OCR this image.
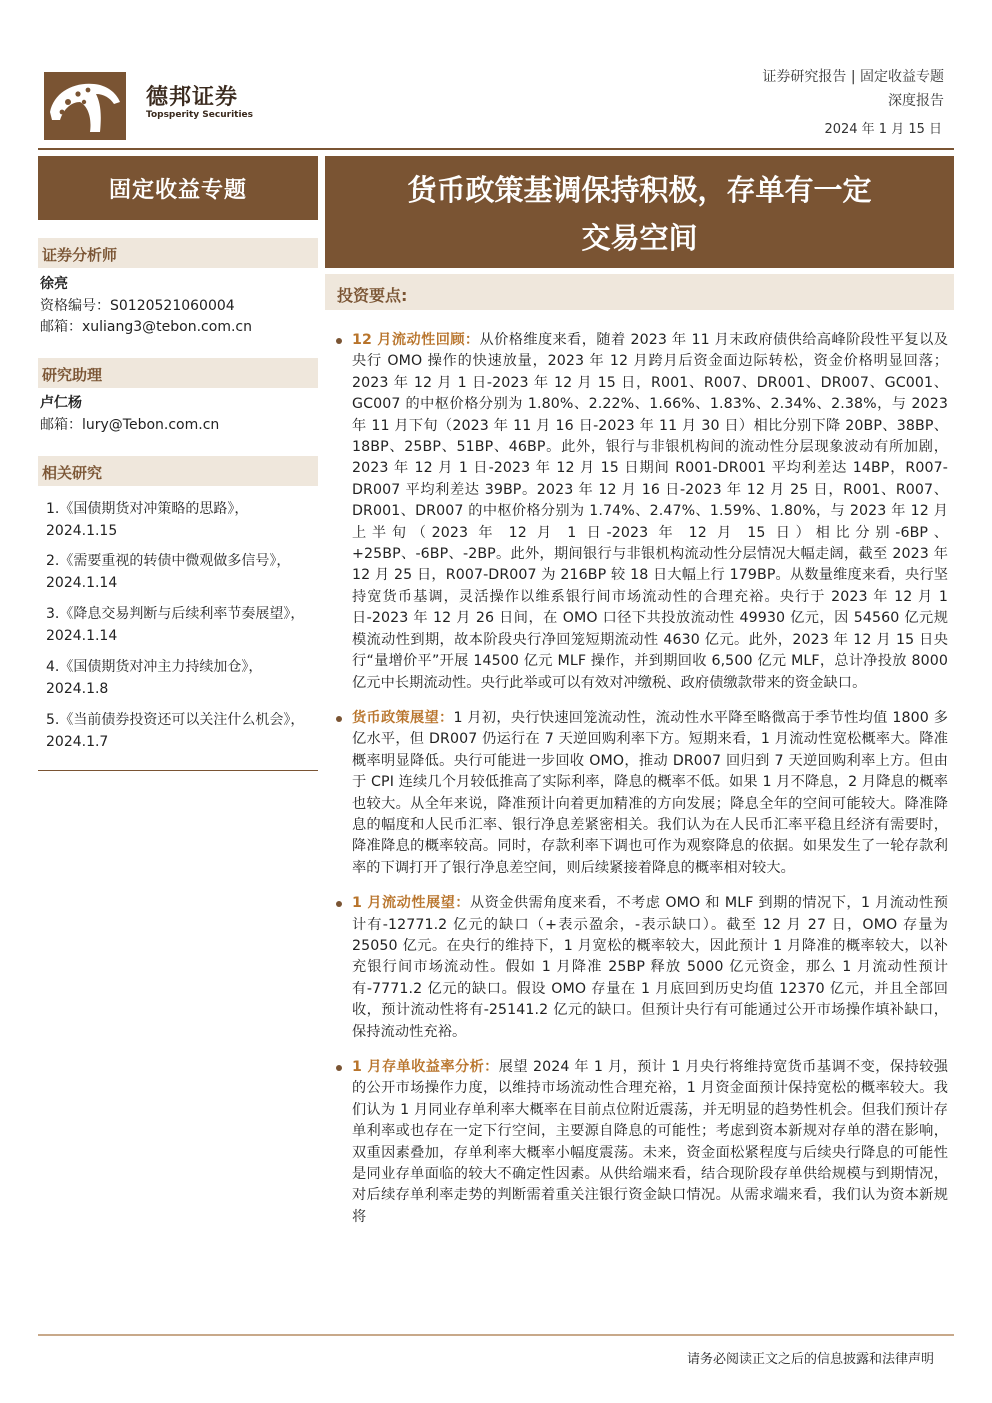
德邦证券
Topsperity Securities
证券研究报告 | 固定收益专题
深度报告
2024 年 1 月 15 日
固定收益专题	货币政策基调保持积极，存单有一定
交易空间
投资要点:
证券分析师
徐亮
资格编号：S0120521060004
邮箱：xuliang3@tebon.com.cn
研究助理
卢仁杨
邮箱：lury@Tebon.com.cn
相关研究
1.《国债期货对冲策略的思路》，2024.1.15
2.《需要重视的转债中微观做多信号》，2024.1.14
3.《降息交易判断与后续利率节奏展望》，2024.1.14
4.《国债期货对冲主力持续加仓》，2024.1.8
5.《当前债券投资还可以关注什么机会》，2024.1.7
12 月流动性回顾：从价格维度来看，随着 2023 年 11 月末政府债供给高峰阶段性平复以及央行 OMO 操作的快速放量，2023 年 12 月跨月后资金面边际转松，资金价格明显回落；2023 年 12 月 1 日-2023 年 12 月 15 日，R001、R007、DR001、DR007、GC001、GC007 的中枢价格分别为 1.80%、2.22%、1.66%、1.83%、2.34%、2.38%，与 2023 年 11 月下旬（2023 年 11 月 16 日-2023 年 11 月 30 日）相比分别下降 20BP、38BP、18BP、25BP、51BP、46BP。此外，银行与非银机构间的流动性分层现象波动有所加剧，2023 年 12 月 1 日-2023 年 12 月 15 日期间 R001-DR001 平均利差达 14BP，R007- DR007 平均利差达 39BP。2023 年 12 月 16 日-2023 年 12 月 25 日，R001、R007、DR001、DR007 的中枢价格分别为 1.74%、2.47%、1.59%、1.80%，与 2023 年 12 月上半旬（2023 年 12 月 1 日-2023 年 12 月 15 日）相比分别-6BP、+25BP、-6BP、-2BP。此外，期间银行与非银机构流动性分层情况大幅走阔，截至 2023 年 12 月 25 日，R007-DR007 为 216BP 较 18 日大幅上行 179BP。从数量维度来看，央行坚持宽货币基调，灵活操作以维系银行间市场流动性的合理充裕。央行于 2023 年 12 月 1 日-2023 年 12 月 26 日间，在 OMO 口径下共投放流动性 49930 亿元，因 54560 亿元规模流动性到期，故本阶段央行净回笼短期流动性 4630 亿元。此外，2023 年 12 月 15 日央行“量增价平”开展 14500 亿元 MLF 操作，并到期回收 6,500 亿元 MLF，总计净投放 8000 亿元中长期流动性。央行此举或可以有效对冲缴税、政府债缴款带来的资金缺口。
货币政策展望：1 月初，央行快速回笼流动性，流动性水平降至略微高于季节性均值 1800 多亿水平，但 DR007 仍运行在 7 天逆回购利率下方。短期来看，1 月流动性宽松概率大。降准概率明显降低。央行可能进一步回收 OMO，推动 DR007 回归到 7 天逆回购利率上方。但由于 CPI 连续几个月较低推高了实际利率，降息的概率不低。如果 1 月不降息，2 月降息的概率也较大。从全年来说，降准预计向着更加精准的方向发展；降息全年的空间可能较大。降准降息的幅度和人民币汇率、银行净息差紧密相关。我们认为在人民币汇率平稳且经济有需要时，降准降息的概率较高。同时，存款利率下调也可作为观察降息的依据。如果发生了一轮存款利率的下调打开了银行净息差空间，则后续紧接着降息的概率相对较大。
1 月流动性展望：从资金供需角度来看，不考虑 OMO 和 MLF 到期的情况下，1 月流动性预计有-12771.2 亿元的缺口（+表示盈余，-表示缺口）。截至 12 月 27 日，OMO 存量为 25050 亿元。在央行的维持下，1 月宽松的概率较大，因此预计 1 月降准的概率较大，以补充银行间市场流动性。假如 1 月降准 25BP 释放 5000 亿元资金，那么 1 月流动性预计有-7771.2 亿元的缺口。假设 OMO 存量在 1 月底回到历史均值 12370 亿元，并且全部回收，预计流动性将有-25141.2 亿元的缺口。但预计央行有可能通过公开市场操作填补缺口，保持流动性充裕。
1 月存单收益率分析：展望 2024 年 1 月，预计 1 月央行将维持宽货币基调不变，保持较强的公开市场操作力度，以维持市场流动性合理充裕，1 月资金面预计保持宽松的概率较大。我们认为 1 月同业存单利率大概率在目前点位附近震荡，并无明显的趋势性机会。但我们预计存单利率或也存在一定下行空间，主要源自降息的可能性；考虑到资本新规对存单的潜在影响，双重因素叠加，存单利率大概率小幅度震荡。未来，资金面松紧程度与后续央行降息的可能性是同业存单面临的较大不确定性因素。从供给端来看，结合现阶段存单供给规模与到期情况，对后续存单利率走势的判断需着重关注银行资金缺口情况。从需求端来看，我们认为资本新规将
请务必阅读正文之后的信息披露和法律声明
